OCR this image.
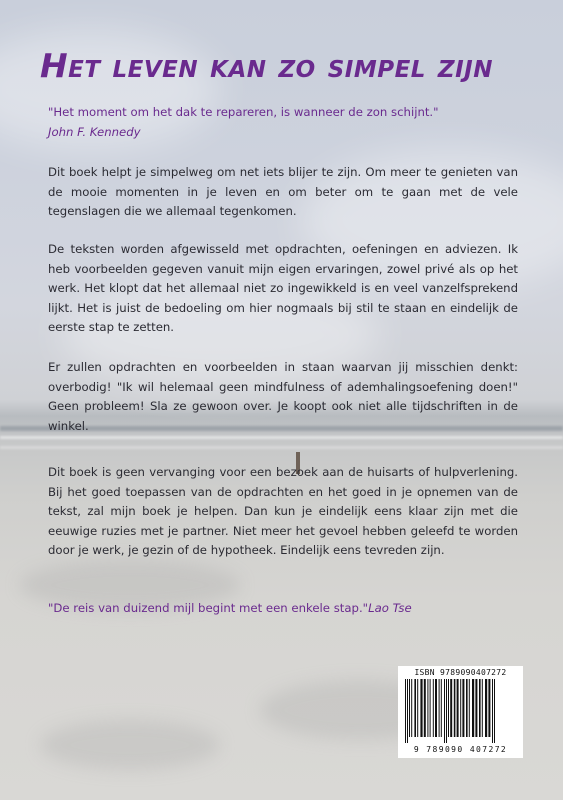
Het leven kan zo simpel zijn
"Het moment om het dak te repareren, is wanneer de zon schijnt."
John F. Kennedy
Dit boek helpt je simpelweg om net iets blijer te zijn. Om meer te genieten van de mooie momenten in je leven en om beter om te gaan met de vele tegenslagen die we allemaal tegenkomen.
De teksten worden afgewisseld met opdrachten, oefeningen en adviezen. Ik heb voorbeelden gegeven vanuit mijn eigen ervaringen, zowel privé als op het werk. Het klopt dat het allemaal niet zo ingewikkeld is en veel vanzelfsprekend lijkt. Het is juist de bedoeling om hier nogmaals bij stil te staan en eindelijk de eerste stap te zetten.
Er zullen opdrachten en voorbeelden in staan waarvan jij misschien denkt: overbodig! "Ik wil helemaal geen mindfulness of ademhalingsoefening doen!" Geen probleem! Sla ze gewoon over. Je koopt ook niet alle tijdschriften in de winkel.
Dit boek is geen vervanging voor een bezoek aan de huisarts of hulpverlening. Bij het goed toepassen van de opdrachten en het goed in je opnemen van de tekst, zal mijn boek je helpen. Dan kun je eindelijk eens klaar zijn met die eeuwige ruzies met je partner. Niet meer het gevoel hebben geleefd te worden door je werk, je gezin of de hypotheek. Eindelijk eens tevreden zijn.
"De reis van duizend mijl begint met een enkele stap."Lao Tse
ISBN 9789090407272
9 789090 407272
